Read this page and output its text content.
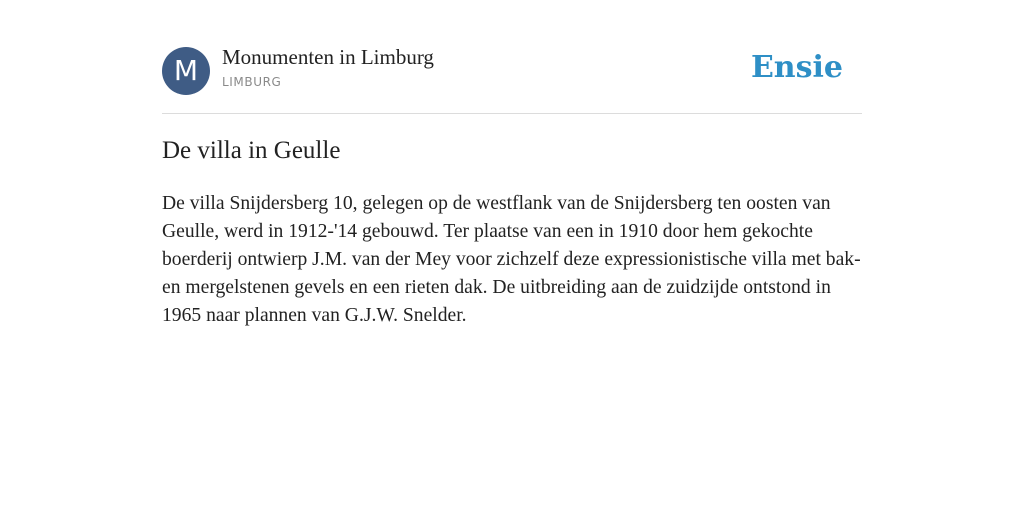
M	Monumenten in Limburg
LIMBURG	Ensie
De villa in Geulle

De villa Snijdersberg 10, gelegen op de westflank van de Snijdersberg ten oosten van Geulle, werd in 1912-'14 gebouwd. Ter plaatse van een in 1910 door hem gekochte boerderij ontwierp J.M. van der Mey voor zichzelf deze expressionistische villa met bak- en mergelstenen gevels en een rieten dak. De uitbreiding aan de zuidzijde ontstond in 1965 naar plannen van G.J.W. Snelder.
